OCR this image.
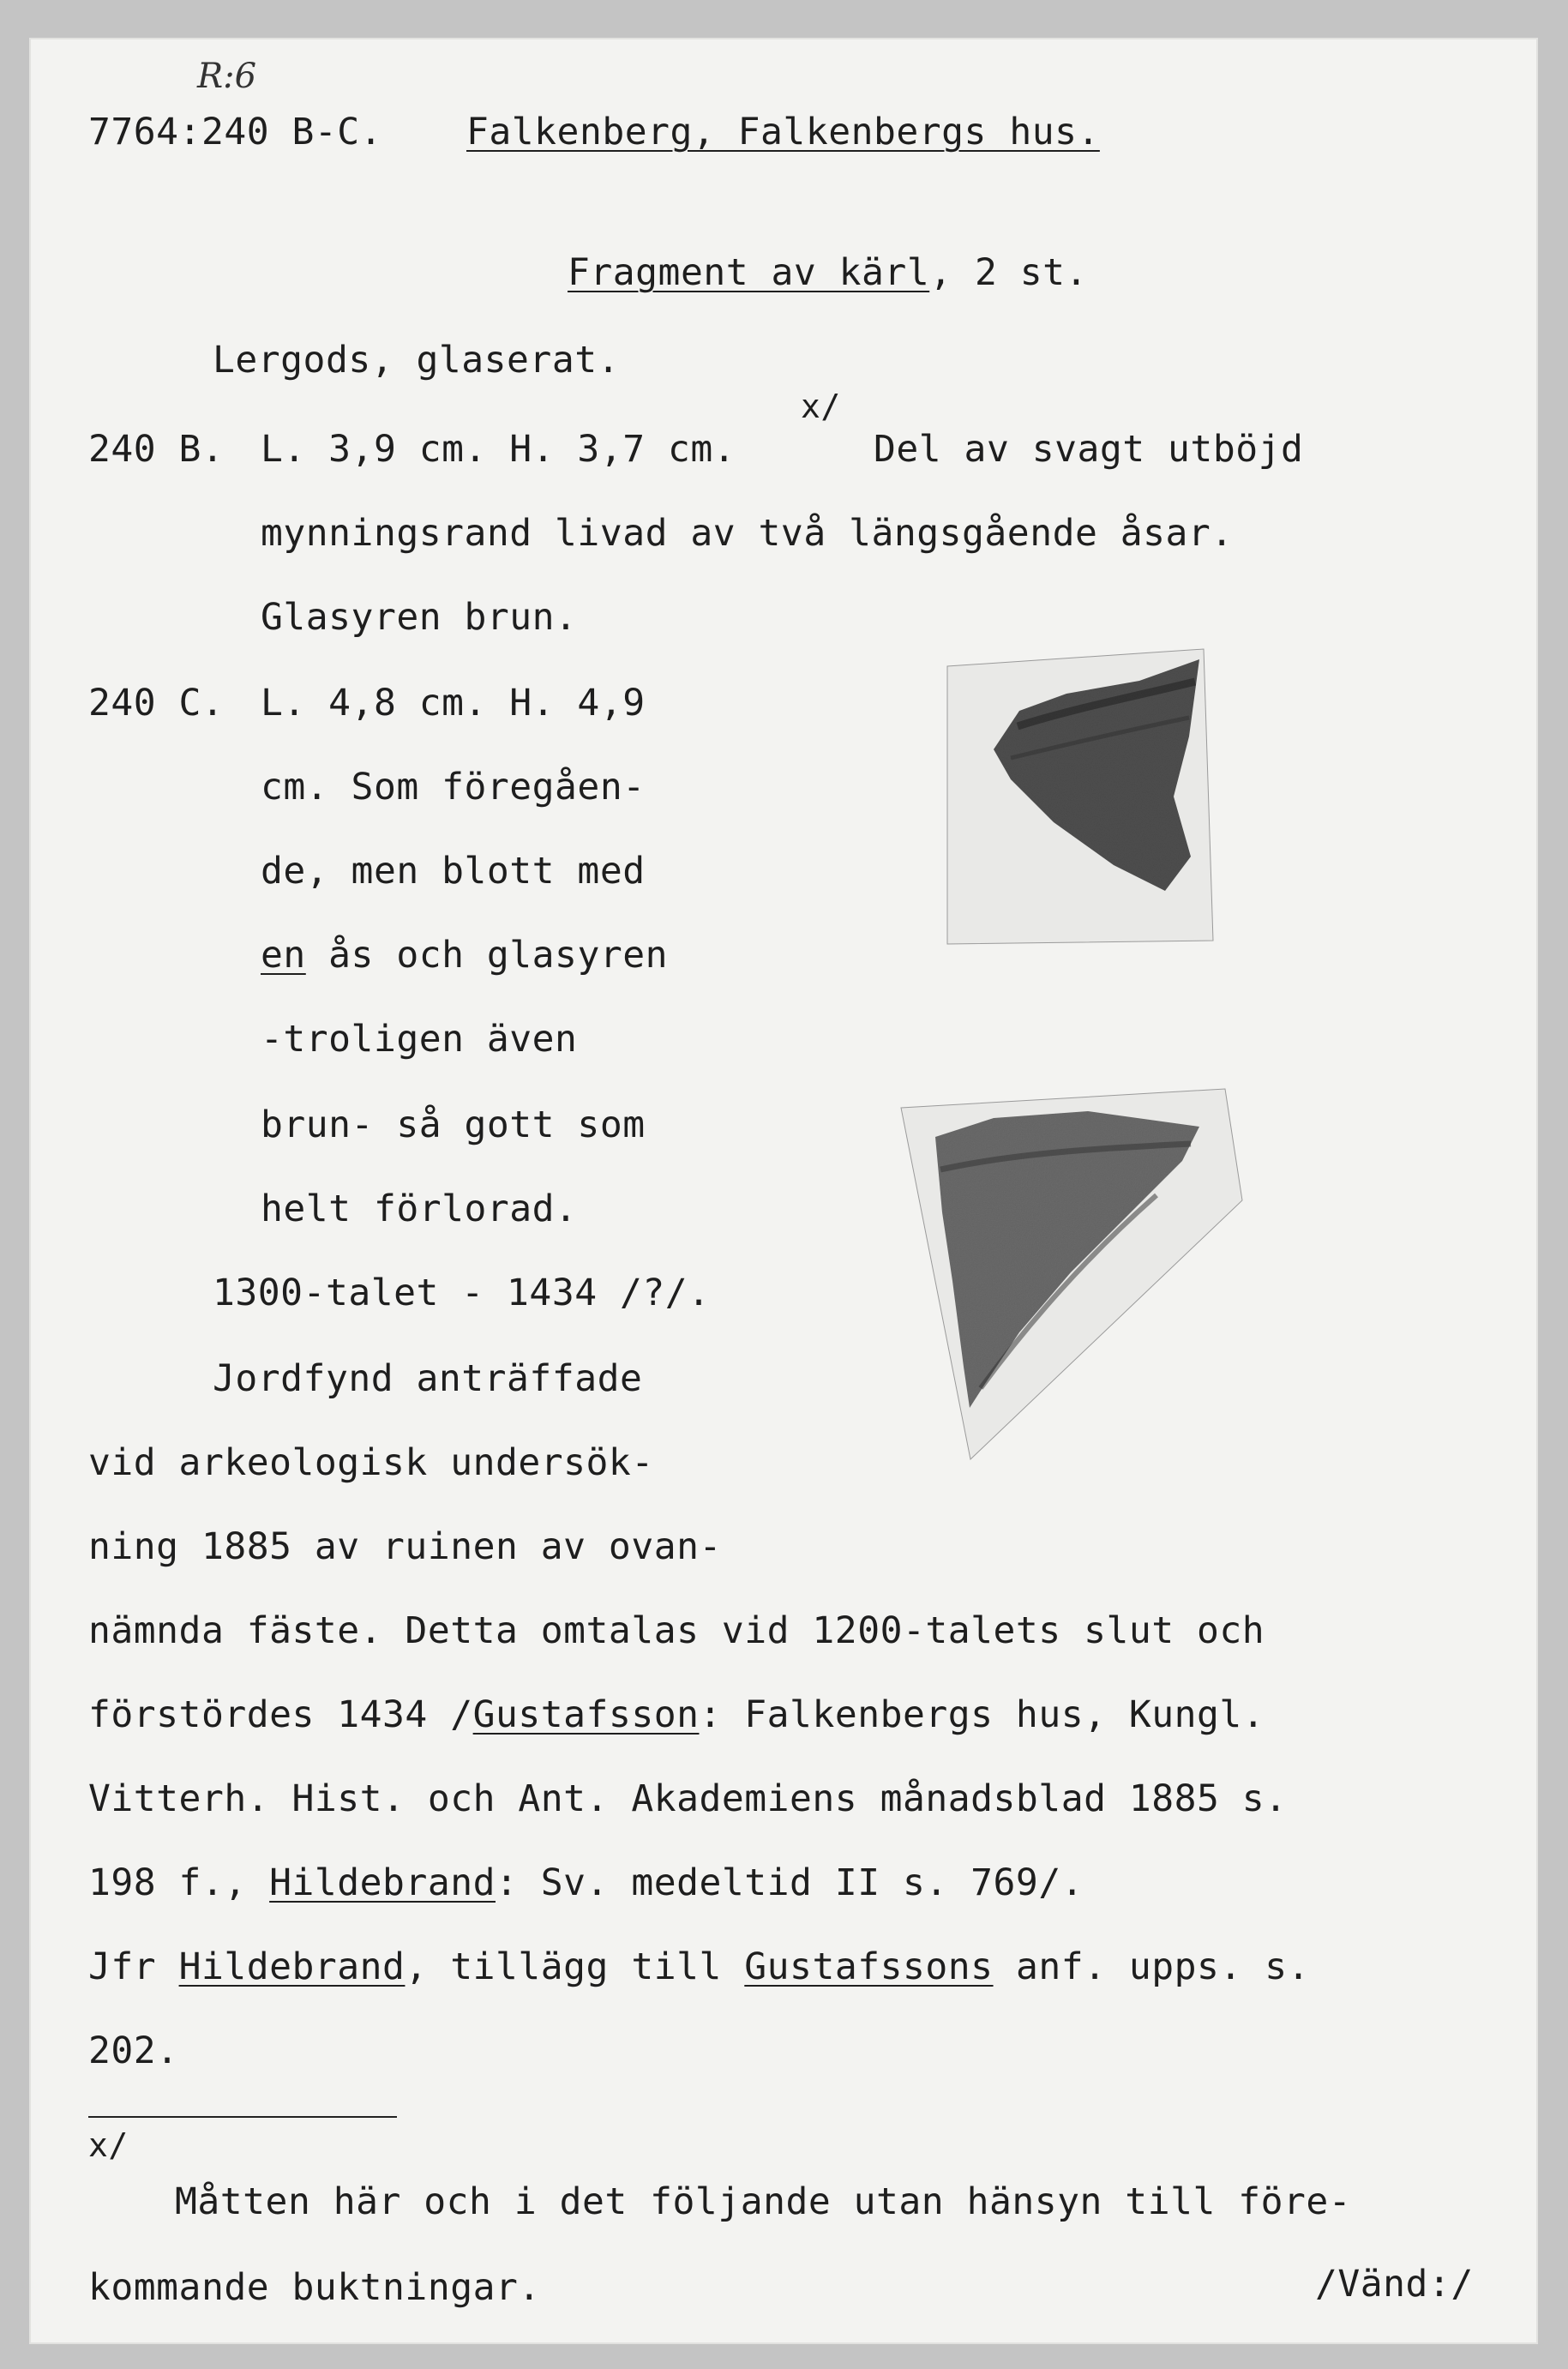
R:6
7764:240 B-C. Falkenberg, Falkenbergs hus.
Fragment av kärl, 2 st.
Lergods, glaserat.
x/
240 B. L. 3,9 cm. H. 3,7 cm.	Del av svagt utböjd
mynningsrand livad av två längsgående åsar.
Glasyren brun.
240 C. L. 4,8 cm. H. 4,9
cm. Som föregåen-
de, men blott med
en ås och glasyren
-troligen även
brun- så gott som
helt förlorad.
1300-talet - 1434 /?/.
Jordfynd anträffade
vid arkeologisk undersök-
ning 1885 av ruinen av ovan-
nämnda fäste. Detta omtalas vid 1200-talets slut och
förstördes 1434 /Gustafsson: Falkenbergs hus, Kungl.
Vitterh. Hist. och Ant. Akademiens månadsblad 1885 s.
198 f., Hildebrand: Sv. medeltid II s. 769/.
Jfr Hildebrand, tillägg till Gustafssons anf. upps. s.
202.
x/
Måtten här och i det följande utan hänsyn till före-
kommande buktningar.	/Vänd:/
